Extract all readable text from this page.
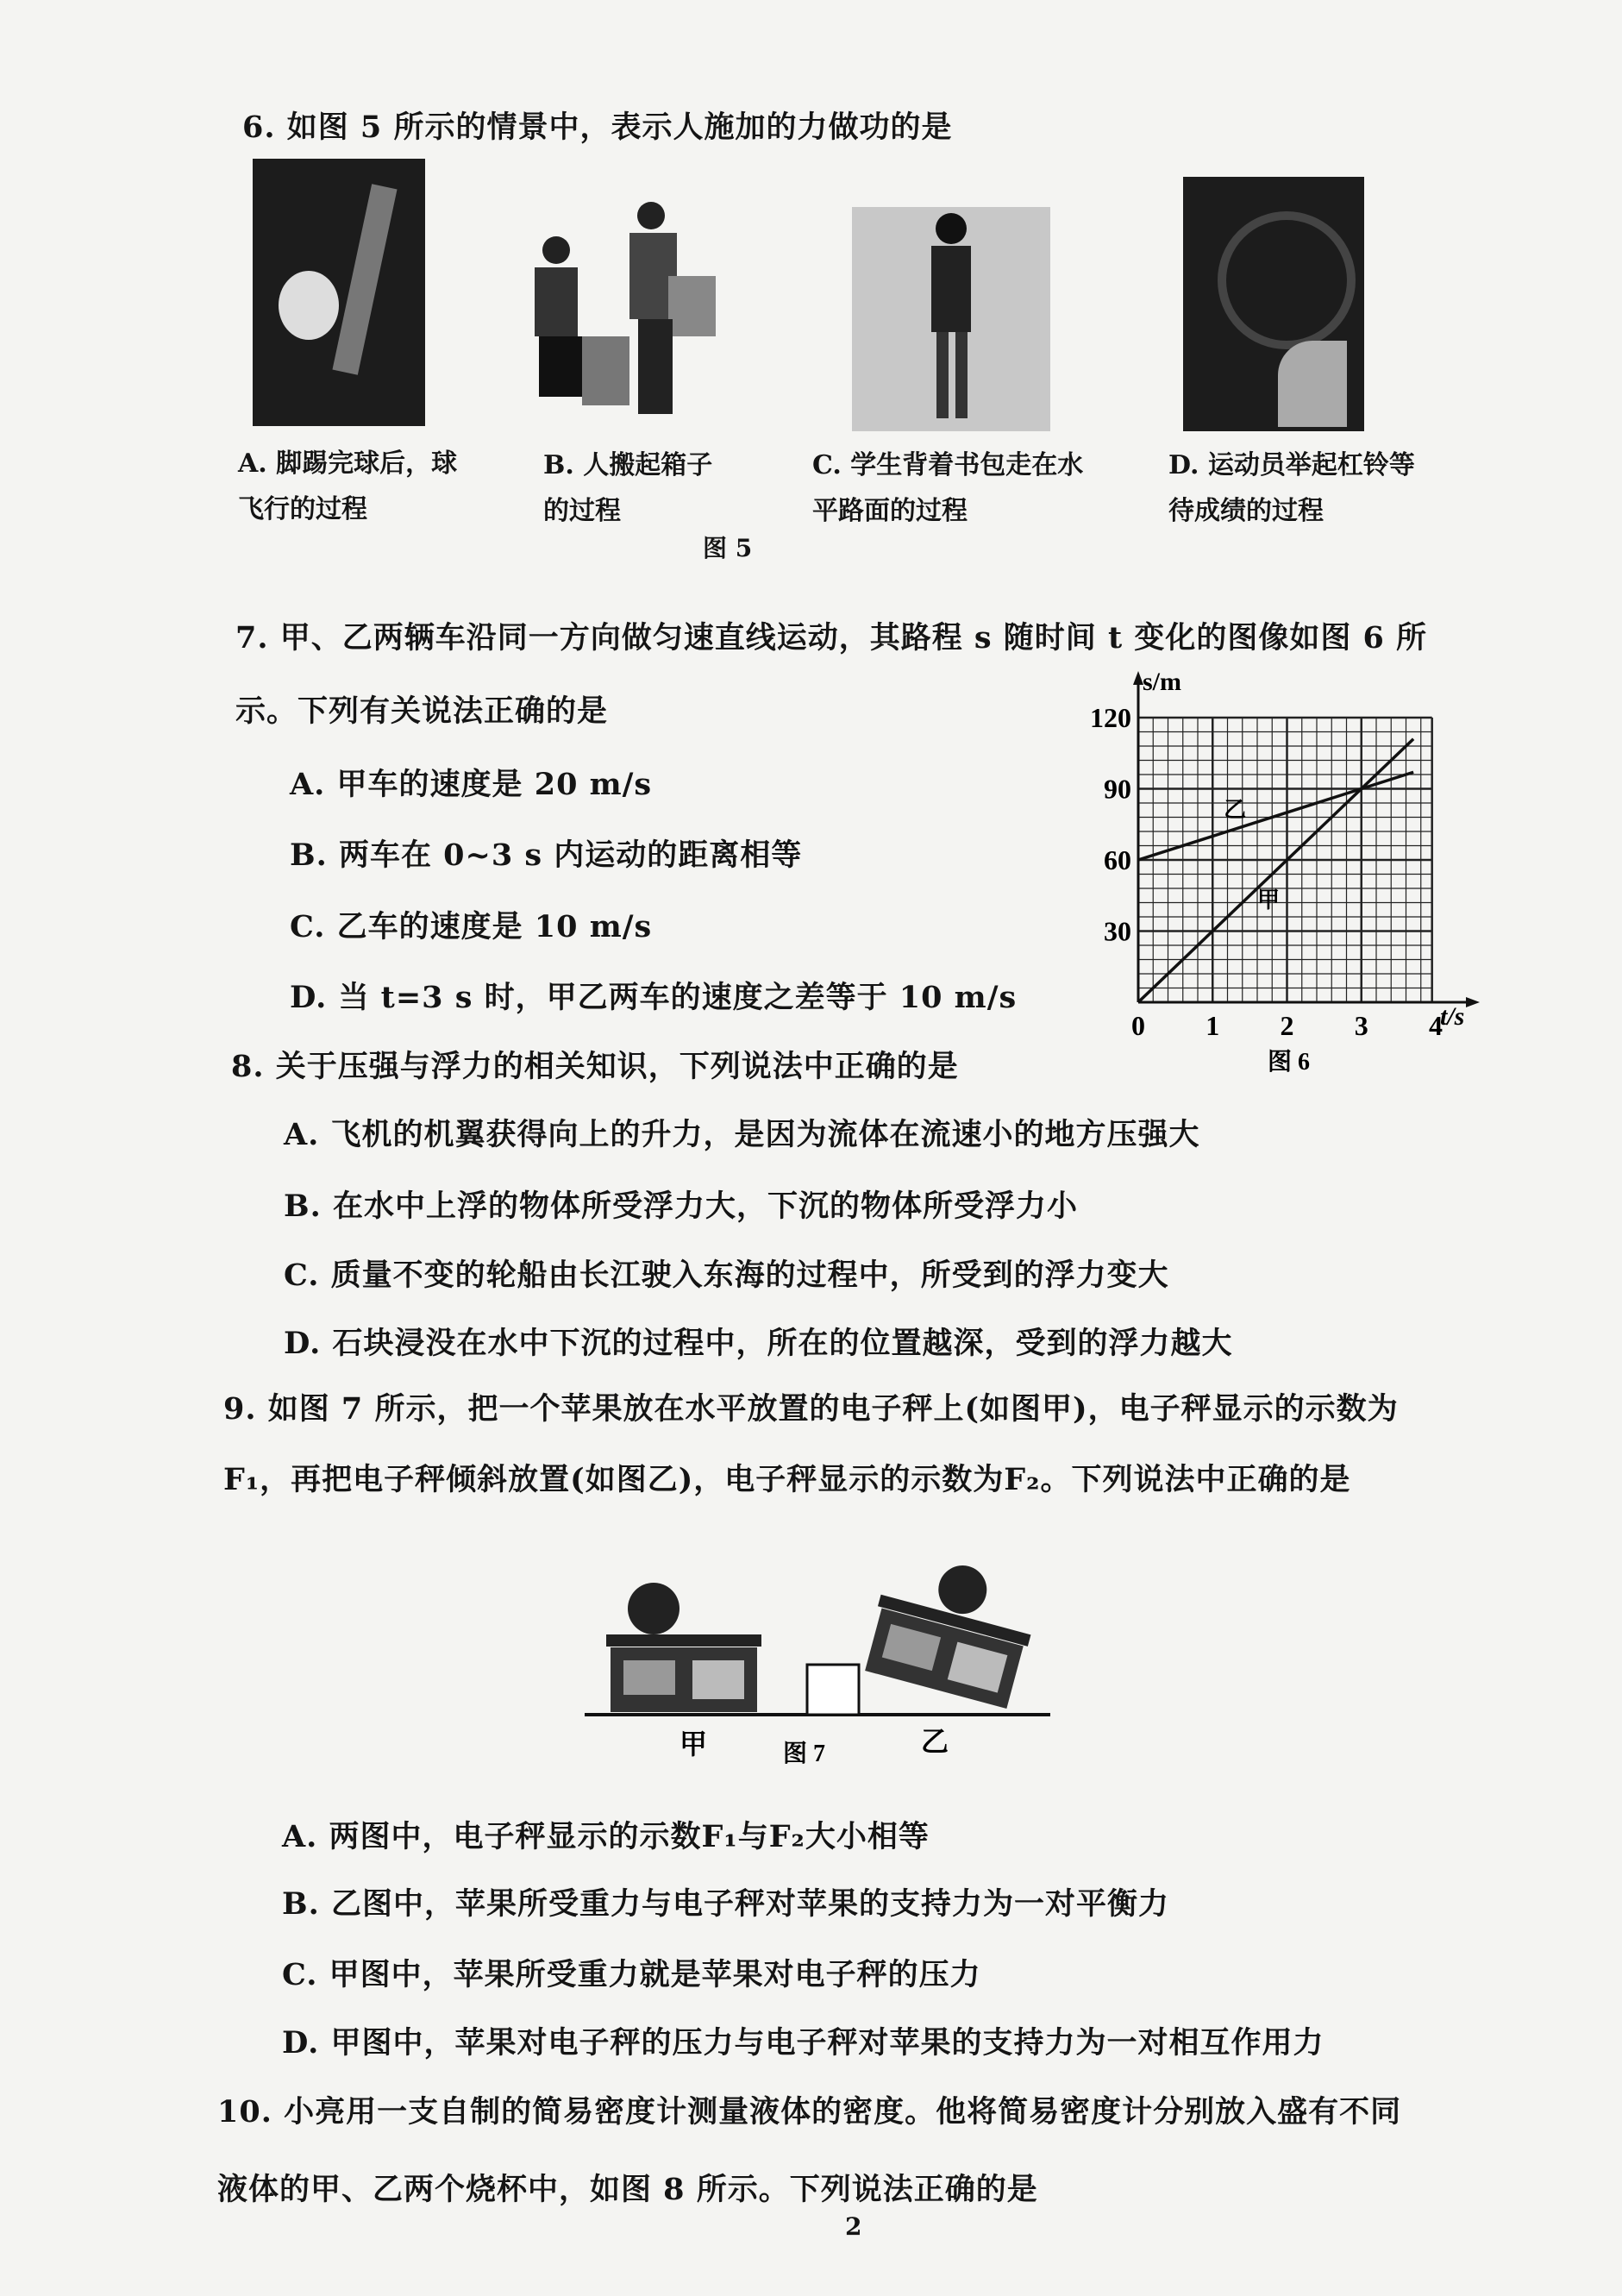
6. 如图 5 所示的情景中，表示人施加的力做功的是
A. 脚踢完球后，球
飞行的过程
B. 人搬起箱子
的过程
C. 学生背着书包走在水
平路面的过程
D. 运动员举起杠铃等
待成绩的过程
图 5
7. 甲、乙两辆车沿同一方向做匀速直线运动，其路程 s 随时间 t 变化的图像如图 6 所
示。下列有关说法正确的是
A. 甲车的速度是 20 m/s
B. 两车在 0~3 s 内运动的距离相等
C. 乙车的速度是 10 m/s
D. 当 t=3 s 时，甲乙两车的速度之差等于 10 m/s
甲
乙
0 1 2 3 4
30
60
90
120
s/m
t/s
图 6
8. 关于压强与浮力的相关知识，下列说法中正确的是
A. 飞机的机翼获得向上的升力，是因为流体在流速小的地方压强大
B. 在水中上浮的物体所受浮力大，下沉的物体所受浮力小
C. 质量不变的轮船由长江驶入东海的过程中，所受到的浮力变大
D. 石块浸没在水中下沉的过程中，所在的位置越深，受到的浮力越大
9. 如图 7 所示，把一个苹果放在水平放置的电子秤上(如图甲)，电子秤显示的示数为
F₁，再把电子秤倾斜放置(如图乙)，电子秤显示的示数为F₂。下列说法中正确的是
甲	图 7	乙
A. 两图中，电子秤显示的示数F₁与F₂大小相等
B. 乙图中，苹果所受重力与电子秤对苹果的支持力为一对平衡力
C. 甲图中，苹果所受重力就是苹果对电子秤的压力
D. 甲图中，苹果对电子秤的压力与电子秤对苹果的支持力为一对相互作用力
10. 小亮用一支自制的简易密度计测量液体的密度。他将简易密度计分别放入盛有不同
液体的甲、乙两个烧杯中，如图 8 所示。下列说法正确的是
2
